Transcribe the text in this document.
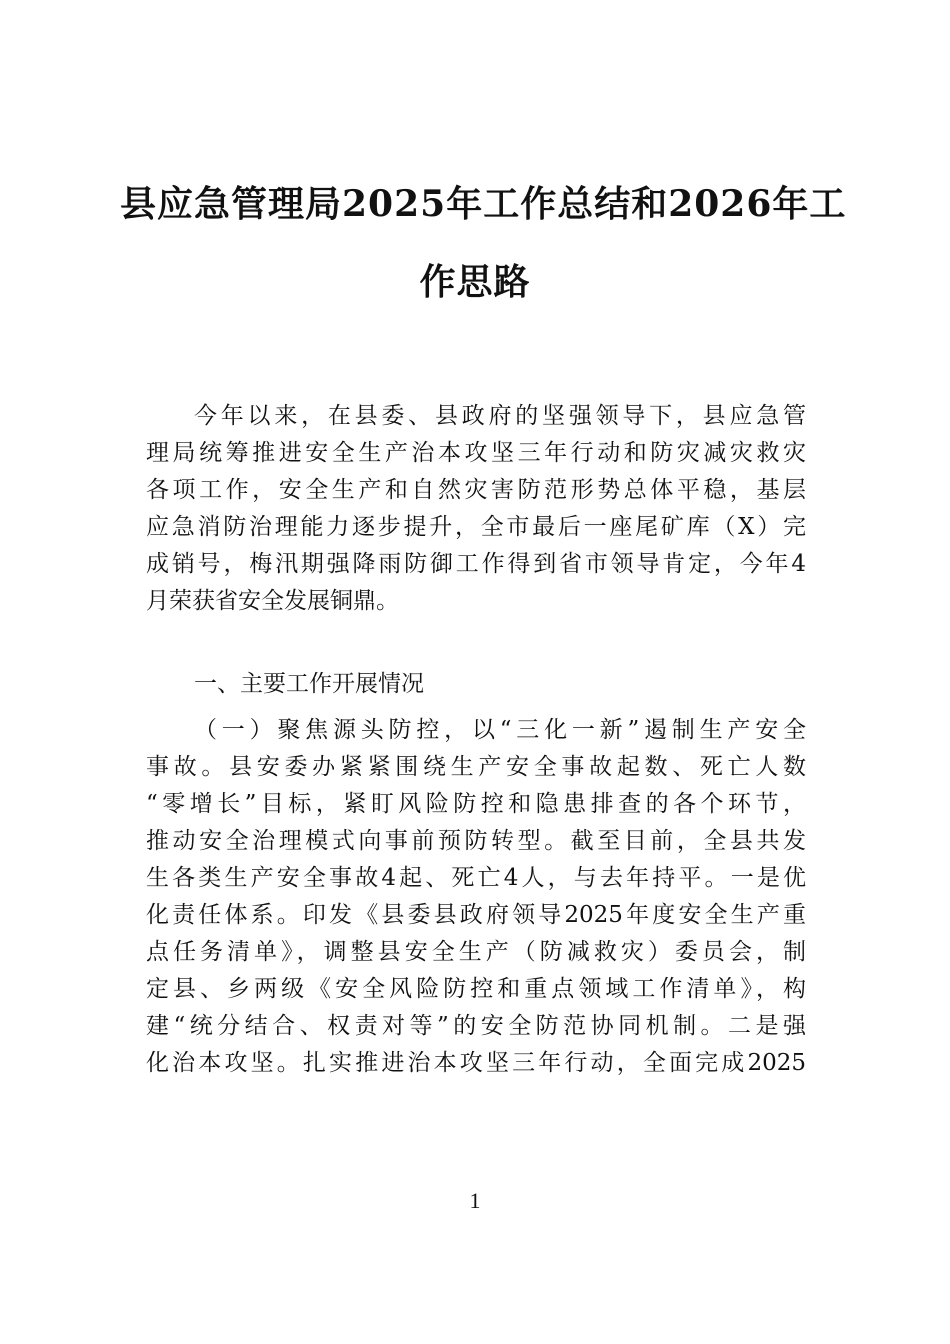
县应急管理局2025年工作总结和2026年工
作思路
今年以来，在县委、县政府的坚强领导下，县应急管
理局统筹推进安全生产治本攻坚三年行动和防灾减灾救灾
各项工作，安全生产和自然灾害防范形势总体平稳，基层
应急消防治理能力逐步提升，全市最后一座尾矿库（X）完
成销号，梅汛期强降雨防御工作得到省市领导肯定，今年4
月荣获省安全发展铜鼎。
一、主要工作开展情况
（一）聚焦源头防控，以“三化一新”遏制生产安全
事故。县安委办紧紧围绕生产安全事故起数、死亡人数
“零增长”目标，紧盯风险防控和隐患排查的各个环节，
推动安全治理模式向事前预防转型。截至目前，全县共发
生各类生产安全事故4起、死亡4人，与去年持平。一是优
化责任体系。印发《县委县政府领导2025年度安全生产重
点任务清单》，调整县安全生产（防减救灾）委员会，制
定县、乡两级《安全风险防控和重点领域工作清单》，构
建“统分结合、权责对等”的安全防范协同机制。二是强
化治本攻坚。扎实推进治本攻坚三年行动，全面完成2025
1
